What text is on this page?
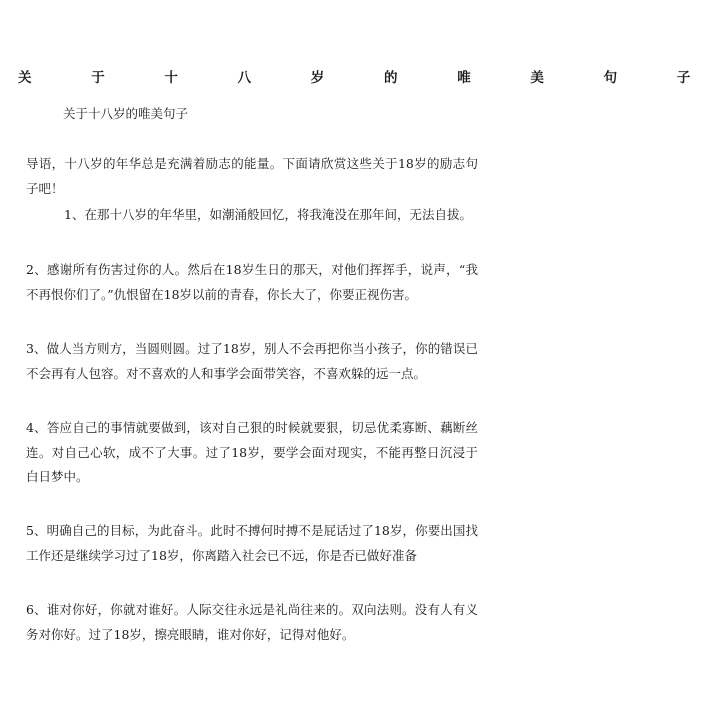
关 于 十 八 岁 的 唯 美 句 子
关于十八岁的唯美句子
导语，十八岁的年华总是充满着励志的能量。下面请欣赏这些关于18岁的励志句子吧！
1、在那十八岁的年华里，如潮涌般回忆，将我淹没在那年间，无法自拔。
2、感谢所有伤害过你的人。然后在18岁生日的那天，对他们挥挥手，说声，“我不再恨你们了。”仇恨留在18岁以前的青春，你长大了，你要正视伤害。
3、做人当方则方，当圆则圆。过了18岁，别人不会再把你当小孩子，你的错误已不会再有人包容。对不喜欢的人和事学会面带笑容，不喜欢躲的远一点。
4、答应自己的事情就要做到，该对自己狠的时候就要狠，切忌优柔寡断、藕断丝连。对自己心软，成不了大事。过了18岁，要学会面对现实，不能再整日沉浸于白日梦中。
5、明确自己的目标，为此奋斗。此时不搏何时搏不是屁话过了18岁，你要出国找工作还是继续学习过了18岁，你离踏入社会已不远，你是否已做好准备
6、谁对你好，你就对谁好。人际交往永远是礼尚往来的。双向法则。没有人有义务对你好。过了18岁，擦亮眼睛，谁对你好，记得对他好。
